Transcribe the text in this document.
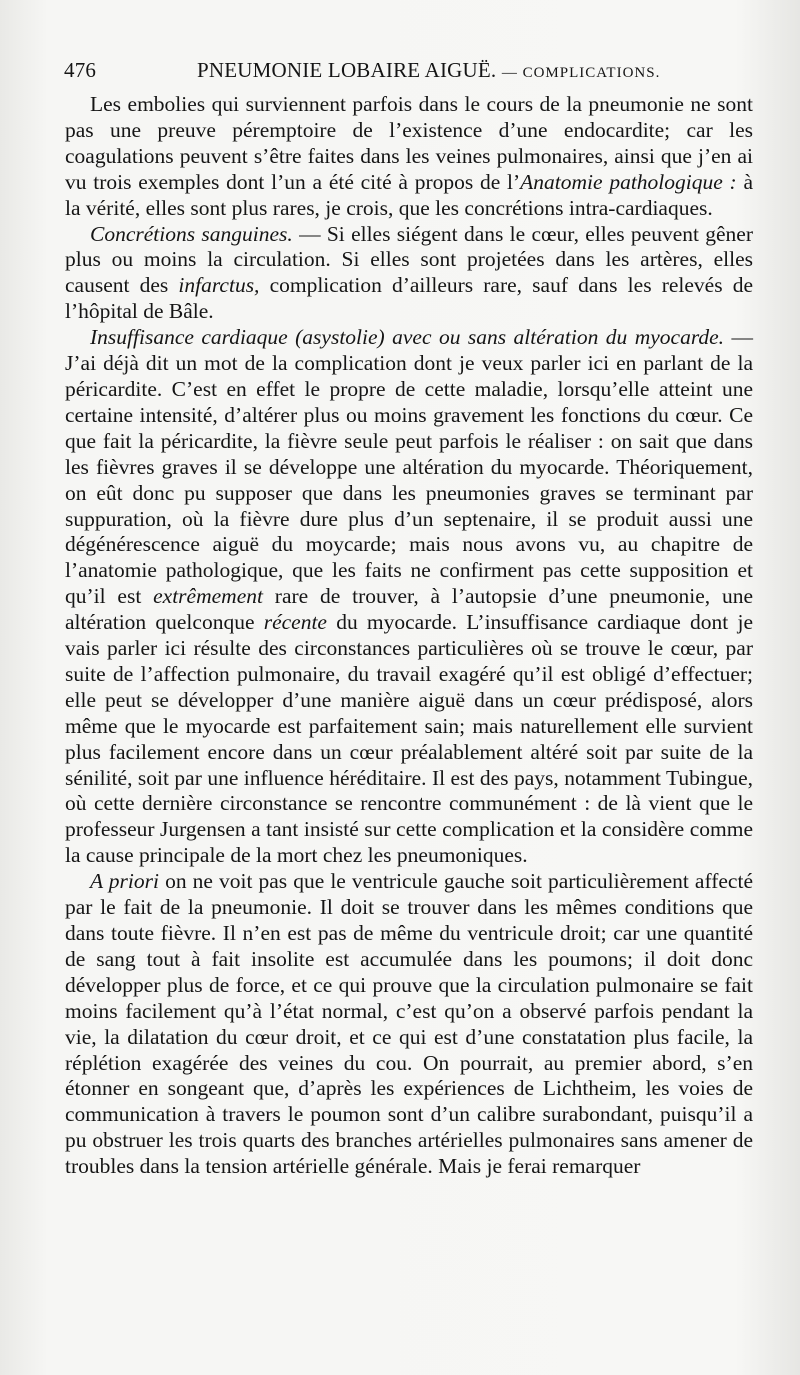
476	PNEUMONIE LOBAIRE AIGUË. — COMPLICATIONS.

Les embolies qui surviennent parfois dans le cours de la pneumonie ne sont pas une preuve péremptoire de l’existence d’une endocardite; car les coagulations peuvent s’être faites dans les veines pulmonaires, ainsi que j’en ai vu trois exemples dont l’un a été cité à propos de l’Anatomie pathologique : à la vérité, elles sont plus rares, je crois, que les concrétions intra-cardiaques.

Concrétions sanguines. — Si elles siégent dans le cœur, elles peuvent gêner plus ou moins la circulation. Si elles sont projetées dans les artères, elles causent des infarctus, complication d’ailleurs rare, sauf dans les relevés de l’hôpital de Bâle.

Insuffisance cardiaque (asystolie) avec ou sans altération du myocarde. — J’ai déjà dit un mot de la complication dont je veux parler ici en parlant de la péricardite. C’est en effet le propre de cette maladie, lorsqu’elle atteint une certaine intensité, d’altérer plus ou moins gravement les fonctions du cœur. Ce que fait la péricardite, la fièvre seule peut parfois le réaliser : on sait que dans les fièvres graves il se développe une altération du myocarde. Théoriquement, on eût donc pu supposer que dans les pneumonies graves se terminant par suppuration, où la fièvre dure plus d’un septenaire, il se produit aussi une dégénérescence aiguë du moycarde; mais nous avons vu, au chapitre de l’anatomie pathologique, que les faits ne confirment pas cette supposition et qu’il est extrêmement rare de trouver, à l’autopsie d’une pneumonie, une altération quelconque récente du myocarde. L’insuffisance cardiaque dont je vais parler ici résulte des circonstances particulières où se trouve le cœur, par suite de l’affection pulmonaire, du travail exagéré qu’il est obligé d’effectuer; elle peut se développer d’une manière aiguë dans un cœur prédisposé, alors même que le myocarde est parfaitement sain; mais naturellement elle survient plus facilement encore dans un cœur préalablement altéré soit par suite de la sénilité, soit par une influence héréditaire. Il est des pays, notamment Tubingue, où cette dernière circonstance se rencontre communément : de là vient que le professeur Jurgensen a tant insisté sur cette complication et la considère comme la cause principale de la mort chez les pneumoniques.

A priori on ne voit pas que le ventricule gauche soit particulièrement affecté par le fait de la pneumonie. Il doit se trouver dans les mêmes conditions que dans toute fièvre. Il n’en est pas de même du ventricule droit; car une quantité de sang tout à fait insolite est accumulée dans les poumons; il doit donc développer plus de force, et ce qui prouve que la circulation pulmonaire se fait moins facilement qu’à l’état normal, c’est qu’on a observé parfois pendant la vie, la dilatation du cœur droit, et ce qui est d’une constatation plus facile, la réplétion exagérée des veines du cou. On pourrait, au premier abord, s’en étonner en songeant que, d’après les expériences de Lichtheim, les voies de communication à travers le poumon sont d’un calibre surabondant, puisqu’il a pu obstruer les trois quarts des branches artérielles pulmonaires sans amener de troubles dans la tension artérielle générale. Mais je ferai remarquer
